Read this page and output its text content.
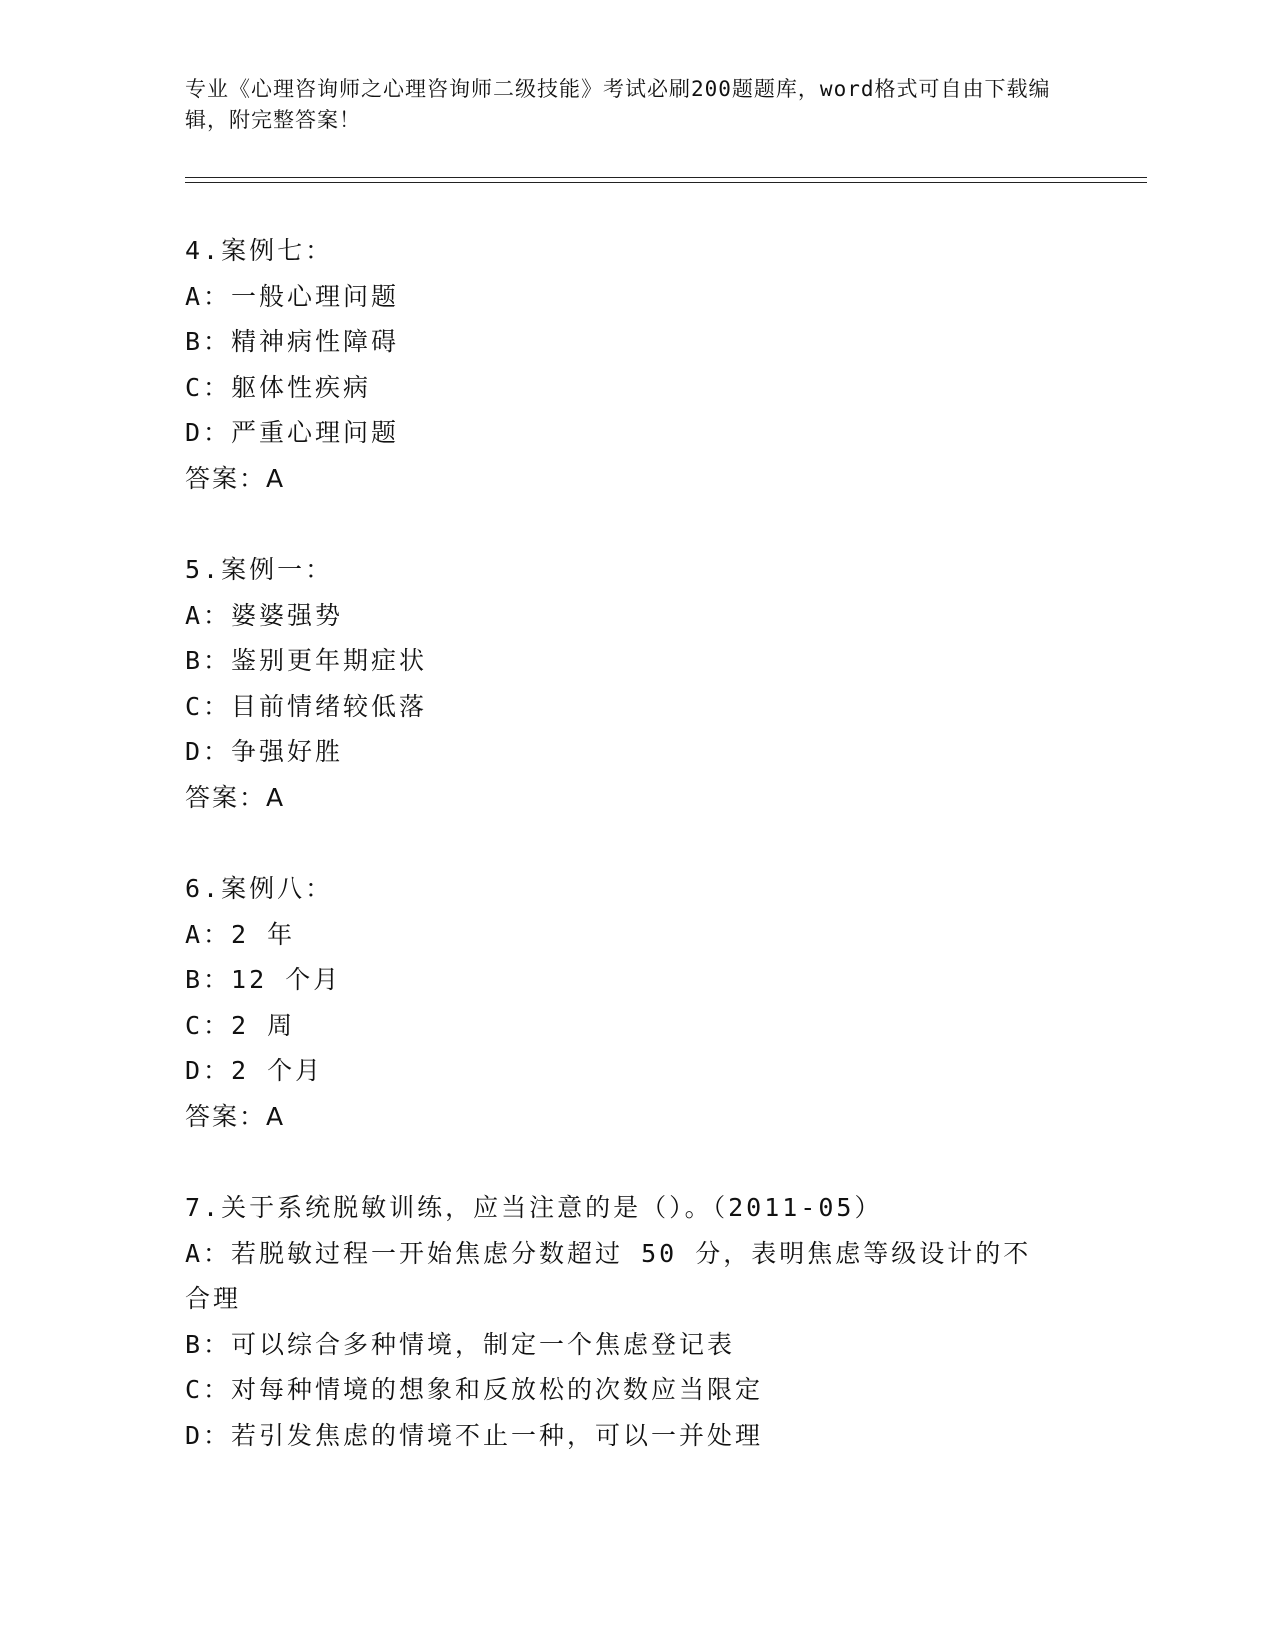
专业《心理咨询师之心理咨询师二级技能》考试必刷200题题库，word格式可自由下载编辑，附完整答案！
4.案例七：
A：一般心理问题
B：精神病性障碍
C：躯体性疾病
D：严重心理问题
答案：A
5.案例一：
A：婆婆强势
B：鉴别更年期症状
C：目前情绪较低落
D：争强好胜
答案：A
6.案例八：
A：2 年
B：12 个月
C：2 周
D：2 个月
答案：A
7.关于系统脱敏训练，应当注意的是（）。（2011-05）
A：若脱敏过程一开始焦虑分数超过 50 分，表明焦虑等级设计的不合理
B：可以综合多种情境，制定一个焦虑登记表
C：对每种情境的想象和反放松的次数应当限定
D：若引发焦虑的情境不止一种，可以一并处理
